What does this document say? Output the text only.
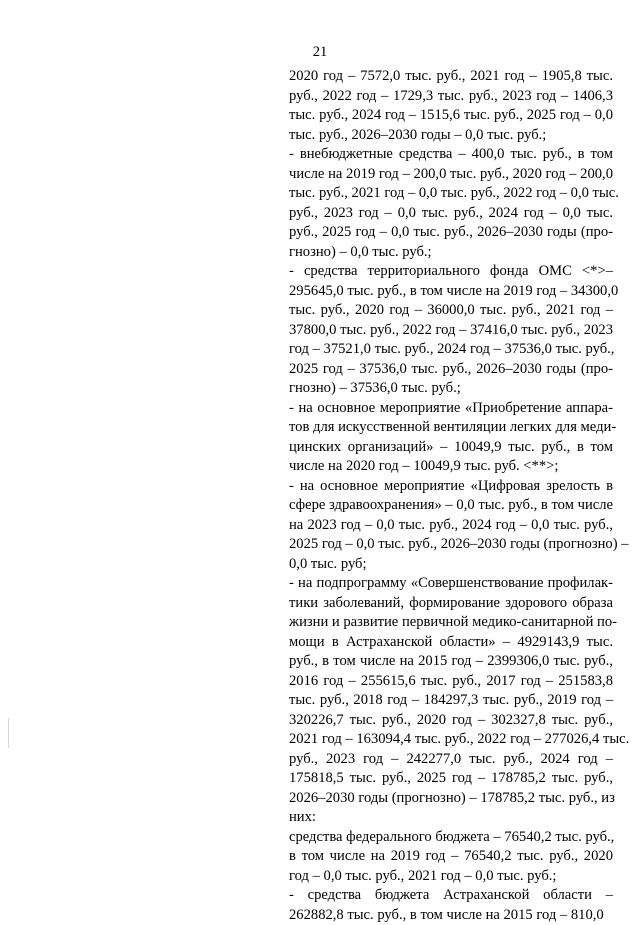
21
2020 год – 7572,0 тыс. руб., 2021 год – 1905,8 тыс.
руб., 2022 год – 1729,3 тыс. руб., 2023 год – 1406,3
тыс. руб., 2024 год – 1515,6 тыс. руб., 2025 год – 0,0
тыс. руб., 2026–2030 годы – 0,0 тыс. руб.;
- внебюджетные средства – 400,0 тыс. руб., в том
числе на 2019 год – 200,0 тыс. руб., 2020 год – 200,0
тыс. руб., 2021 год – 0,0 тыс. руб., 2022 год – 0,0 тыс.
руб., 2023 год – 0,0 тыс. руб., 2024 год – 0,0 тыс.
руб., 2025 год – 0,0 тыс. руб., 2026–2030 годы (про-
гнозно) – 0,0 тыс. руб.;
- средства территориального фонда ОМС <*>–
295645,0 тыс. руб., в том числе на 2019 год – 34300,0
тыс. руб., 2020 год – 36000,0 тыс. руб., 2021 год –
37800,0 тыс. руб., 2022 год – 37416,0 тыс. руб., 2023
год – 37521,0 тыс. руб., 2024 год – 37536,0 тыс. руб.,
2025 год – 37536,0 тыс. руб., 2026–2030 годы (про-
гнозно) – 37536,0 тыс. руб.;
- на основное мероприятие «Приобретение аппара-
тов для искусственной вентиляции легких для меди-
цинских организаций» – 10049,9 тыс. руб., в том
числе на 2020 год – 10049,9 тыс. руб. <**>;
- на основное мероприятие «Цифровая зрелость в
сфере здравоохранения» – 0,0 тыс. руб., в том числе
на 2023 год – 0,0 тыс. руб., 2024 год – 0,0 тыс. руб.,
2025 год – 0,0 тыс. руб., 2026–2030 годы (прогнозно) –
0,0 тыс. руб;
- на подпрограмму «Совершенствование профилак-
тики заболеваний, формирование здорового образа
жизни и развитие первичной медико-санитарной по-
мощи в Астраханской области» – 4929143,9 тыс.
руб., в том числе на 2015 год – 2399306,0 тыс. руб.,
2016 год – 255615,6 тыс. руб., 2017 год – 251583,8
тыс. руб., 2018 год – 184297,3 тыс. руб., 2019 год –
320226,7 тыс. руб., 2020 год – 302327,8 тыс. руб.,
2021 год – 163094,4 тыс. руб., 2022 год – 277026,4 тыс.
руб., 2023 год – 242277,0 тыс. руб., 2024 год –
175818,5 тыс. руб., 2025 год – 178785,2 тыс. руб.,
2026–2030 годы (прогнозно) – 178785,2 тыс. руб., из
них:
средства федерального бюджета – 76540,2 тыс. руб.,
в том числе на 2019 год – 76540,2 тыс. руб., 2020
год – 0,0 тыс. руб., 2021 год – 0,0 тыс. руб.;
- средства бюджета Астраханской области –
262882,8 тыс. руб., в том числе на 2015 год – 810,0
